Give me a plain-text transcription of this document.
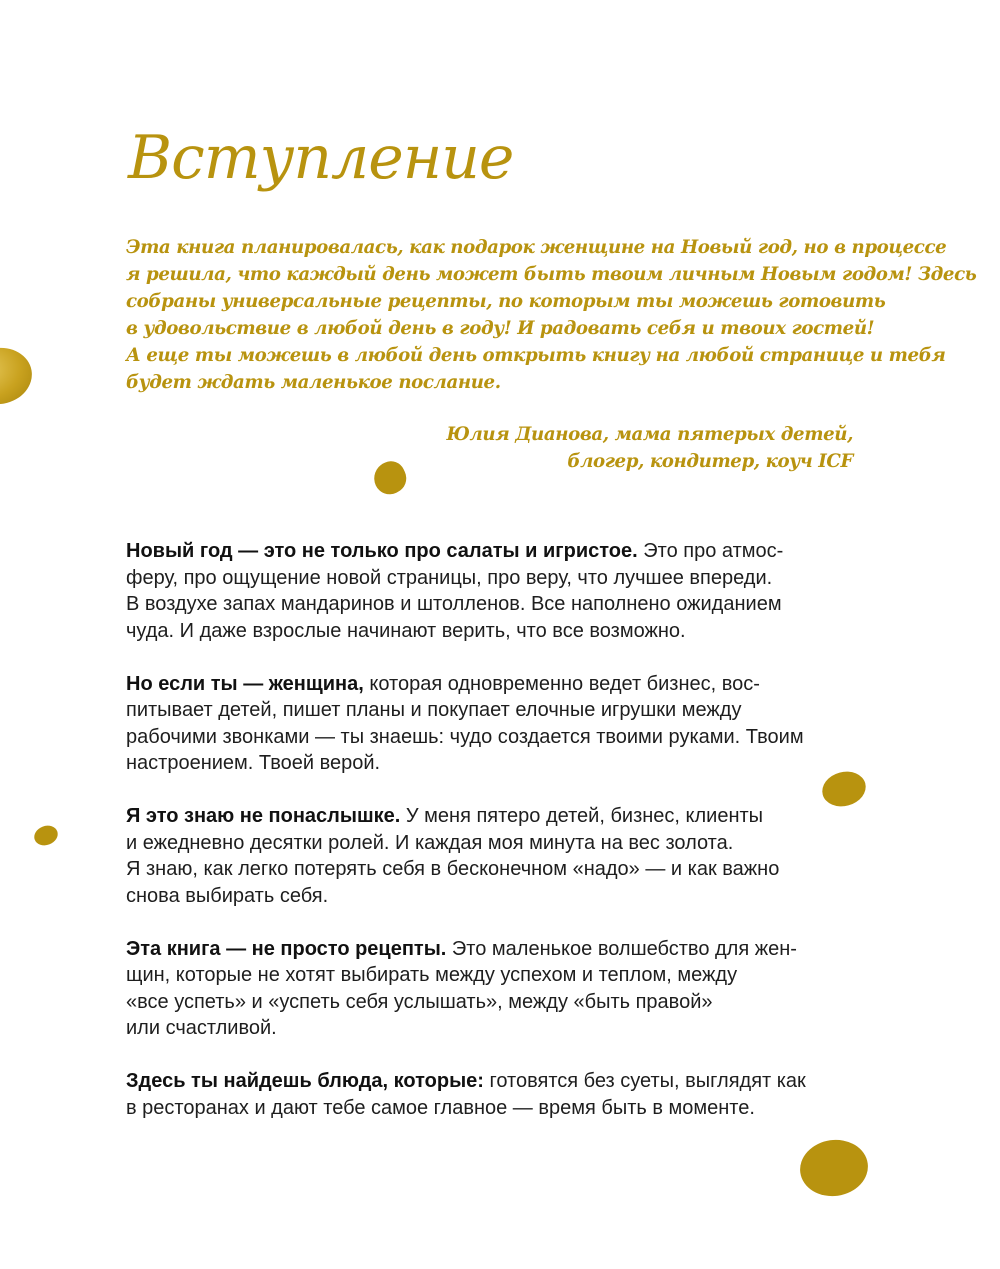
Вступление

Эта книга планировалась, как подарок женщине на Новый год, но в процессе
я решила, что каждый день может быть твоим личным Новым годом! Здесь
собраны универсальные рецепты, по которым ты можешь готовить
в удовольствие в любой день в году! И радовать себя и твоих гостей!
А еще ты можешь в любой день открыть книгу на любой странице и тебя
будет ждать маленькое послание.

Юлия Дианова, мама пятерых детей,
блогер, кондитер, коуч ICF

Новый год — это не только про салаты и игристое. Это про атмос-
феру, про ощущение новой страницы, про веру, что лучшее впереди.
В воздухе запах мандаринов и штолленов. Все наполнено ожиданием
чуда. И даже взрослые начинают верить, что все возможно.

Но если ты — женщина, которая одновременно ведет бизнес, вос-
питывает детей, пишет планы и покупает елочные игрушки между
рабочими звонками — ты знаешь: чудо создается твоими руками. Твоим
настроением. Твоей верой.

Я это знаю не понаслышке. У меня пятеро детей, бизнес, клиенты
и ежедневно десятки ролей. И каждая моя минута на вес золота.
Я знаю, как легко потерять себя в бесконечном «надо» — и как важно
снова выбирать себя.

Эта книга — не просто рецепты. Это маленькое волшебство для жен-
щин, которые не хотят выбирать между успехом и теплом, между
«все успеть» и «успеть себя услышать», между «быть правой»
или счастливой.

Здесь ты найдешь блюда, которые: готовятся без суеты, выглядят как
в ресторанах и дают тебе самое главное — время быть в моменте.
